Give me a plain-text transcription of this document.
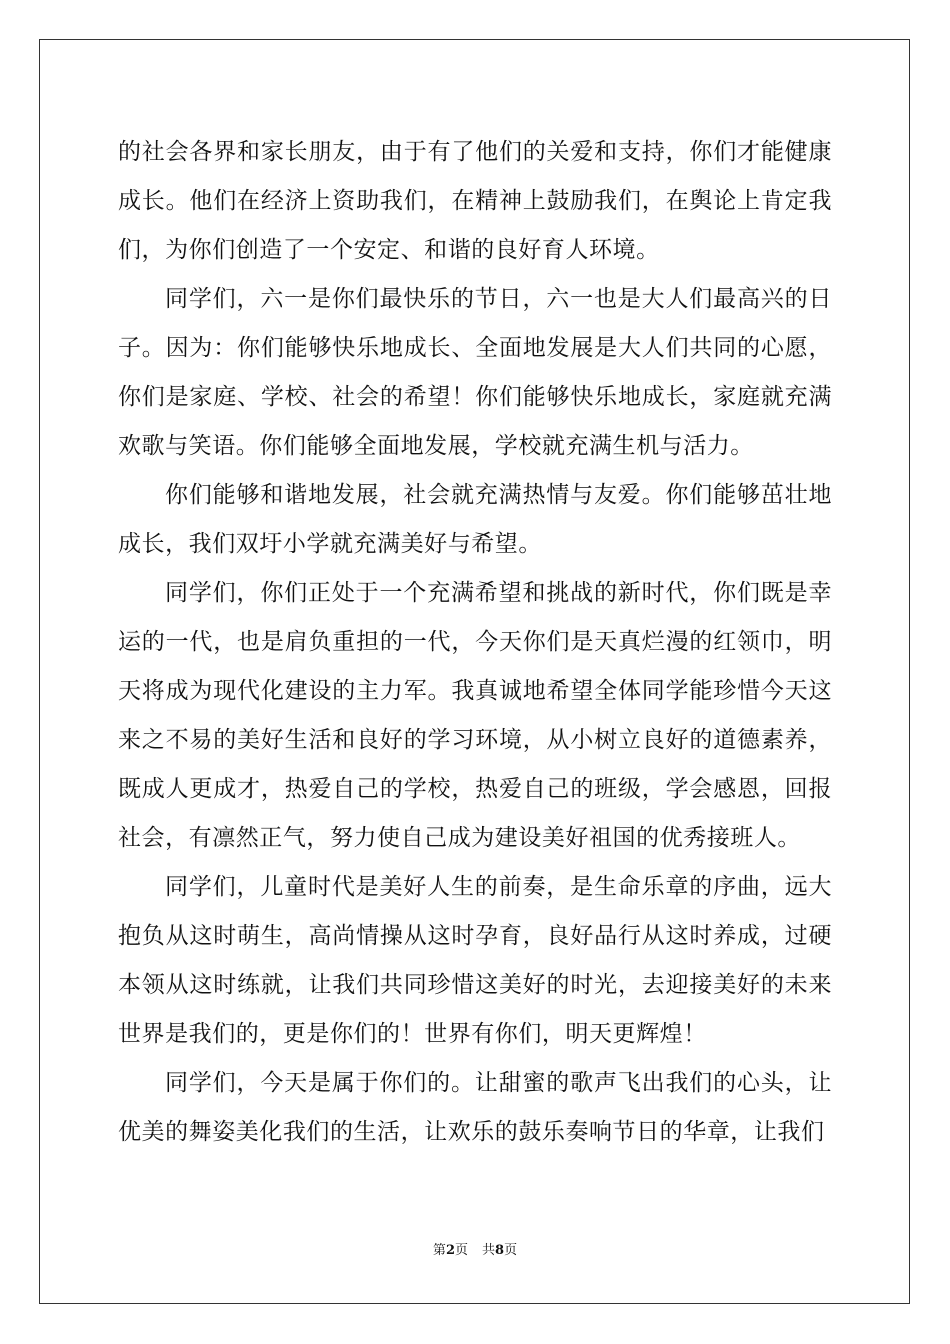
的社会各界和家长朋友，由于有了他们的关爱和支持，你们才能健康成长。他们在经济上资助我们，在精神上鼓励我们，在舆论上肯定我们，为你们创造了一个安定、和谐的良好育人环境。

同学们，六一是你们最快乐的节日，六一也是大人们最高兴的日子。因为：你们能够快乐地成长、全面地发展是大人们共同的心愿，你们是家庭、学校、社会的希望！你们能够快乐地成长，家庭就充满欢歌与笑语。你们能够全面地发展，学校就充满生机与活力。

你们能够和谐地发展，社会就充满热情与友爱。你们能够茁壮地成长，我们双圩小学就充满美好与希望。

同学们，你们正处于一个充满希望和挑战的新时代，你们既是幸运的一代，也是肩负重担的一代，今天你们是天真烂漫的红领巾，明天将成为现代化建设的主力军。我真诚地希望全体同学能珍惜今天这来之不易的美好生活和良好的学习环境，从小树立良好的道德素养，既成人更成才，热爱自己的学校，热爱自己的班级，学会感恩，回报社会，有凛然正气，努力使自己成为建设美好祖国的优秀接班人。

同学们，儿童时代是美好人生的前奏，是生命乐章的序曲，远大抱负从这时萌生，高尚情操从这时孕育，良好品行从这时养成，过硬本领从这时练就，让我们共同珍惜这美好的时光，去迎接美好的未来世界是我们的，更是你们的！世界有你们，明天更辉煌！

同学们，今天是属于你们的。让甜蜜的歌声飞出我们的心头，让优美的舞姿美化我们的生活，让欢乐的鼓乐奏响节日的华章，让我们

第2页 共8页
